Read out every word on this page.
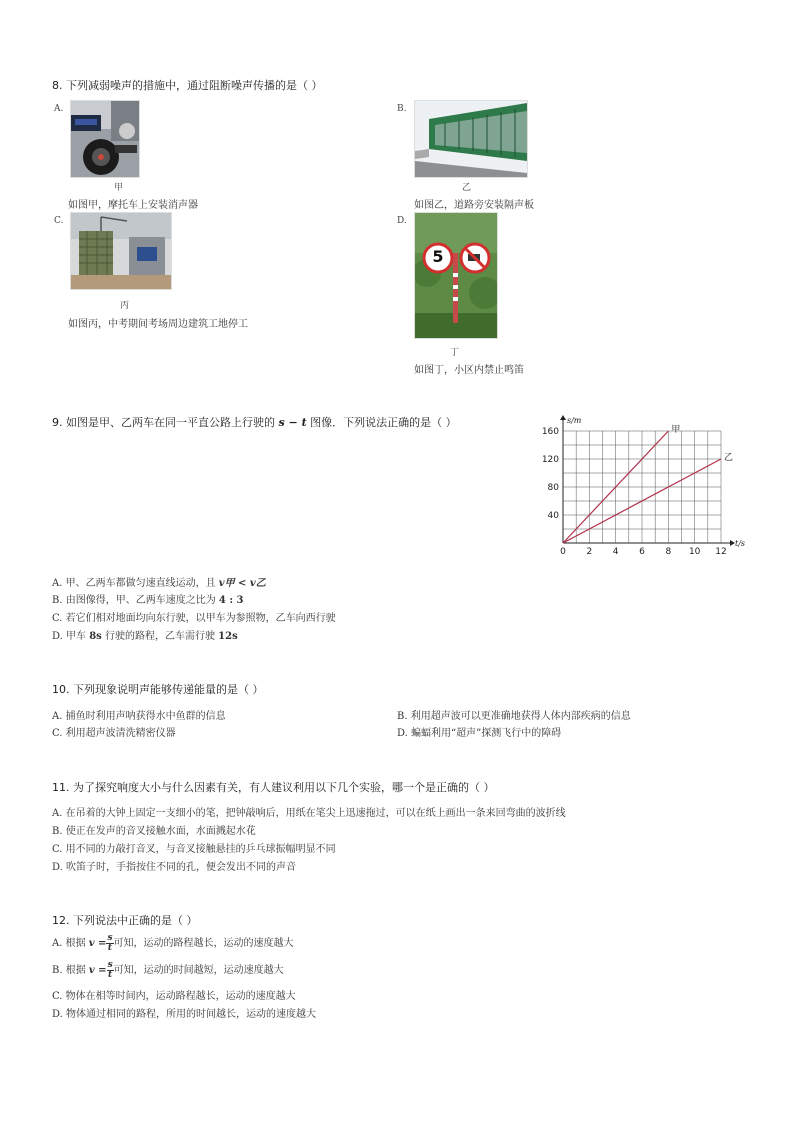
8. 下列减弱噪声的措施中，通过阻断噪声传播的是（ ）
A.
甲
如图甲，摩托车上安装消声器
B.
乙
如图乙，道路旁安装隔声板
C.
丙
如图丙，中考期间考场周边建筑工地停工
D.
5
丁
如图丁，小区内禁止鸣笛
9. 如图是甲、乙两车在同一平直公路上行驶的 s − t 图像．下列说法正确的是（ ）
0 2 4 6 8 10 12
40
80
120
160
s/m
t/s
甲
乙
A. 甲、乙两车都做匀速直线运动，且 v甲 < v乙
B. 由图像得，甲、乙两车速度之比为 4 : 3
C. 若它们相对地面均向东行驶，以甲车为参照物，乙车向西行驶
D. 甲车 8s 行驶的路程，乙车需行驶 12s
10. 下列现象说明声能够传递能量的是（ ）
A. 捕鱼时利用声呐获得水中鱼群的信息	B. 利用超声波可以更准确地获得人体内部疾病的信息
C. 利用超声波清洗精密仪器	D. 蝙蝠利用“超声”探测飞行中的障碍
11. 为了探究响度大小与什么因素有关，有人建议利用以下几个实验，哪一个是正确的（ ）
A. 在吊着的大钟上固定一支细小的笔，把钟敲响后，用纸在笔尖上迅速拖过，可以在纸上画出一条来回弯曲的波折线
B. 使正在发声的音叉接触水面，水面溅起水花
C. 用不同的力敲打音叉，与音叉接触悬挂的乒乓球振幅明显不同
D. 吹笛子时，手指按住不同的孔，便会发出不同的声音
12. 下列说法中正确的是（ ）
A. 根据 $v = \frac{s}{t}$ 可知，运动的路程越长，运动的速度越大
B. 根据 $v = \frac{s}{t}$ 可知，运动的时间越短，运动速度越大
C. 物体在相等时间内，运动路程越长，运动的速度越大
D. 物体通过相同的路程，所用的时间越长，运动的速度越大
